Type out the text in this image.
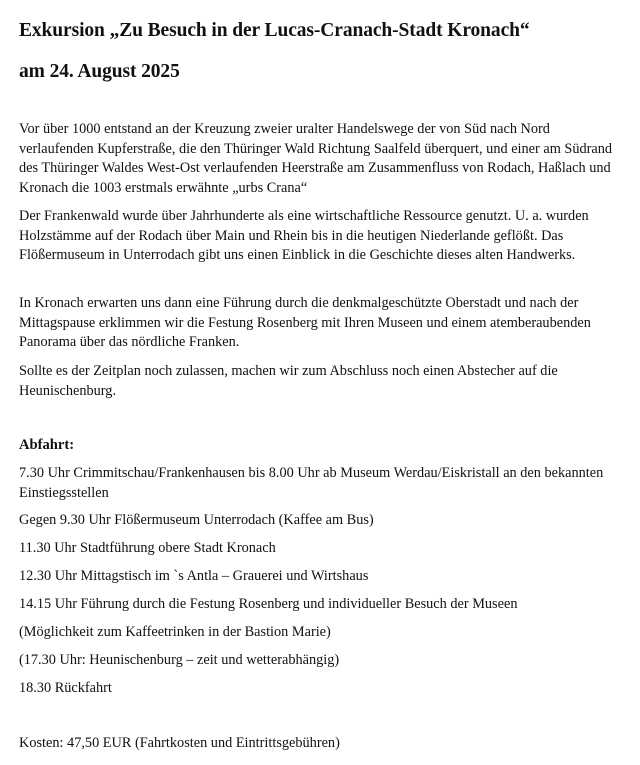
Exkursion „Zu Besuch in der Lucas-Cranach-Stadt Kronach“
am 24. August 2025

Vor über 1000 entstand an der Kreuzung zweier uralter Handelswege der von Süd nach Nord verlaufenden Kupferstraße, die den Thüringer Wald Richtung Saalfeld überquert, und einer am Südrand des Thüringer Waldes West-Ost verlaufenden Heerstraße am Zusammenfluss von Rodach, Haßlach und Kronach die 1003 erstmals erwähnte „urbs Crana“

Der Frankenwald wurde über Jahrhunderte als eine wirtschaftliche Ressource genutzt. U. a. wurden Holzstämme auf der Rodach über Main und Rhein bis in die heutigen Niederlande geflößt. Das Flößermuseum in Unterrodach gibt uns einen Einblick in die Geschichte dieses alten Handwerks.

In Kronach erwarten uns dann eine Führung durch die denkmalgeschützte Oberstadt und nach der Mittagspause erklimmen wir die Festung Rosenberg mit Ihren Museen und einem atemberaubenden Panorama über das nördliche Franken.

Sollte es der Zeitplan noch zulassen, machen wir zum Abschluss noch einen Abstecher auf die Heunischenburg.

Abfahrt:

7.30 Uhr Crimmitschau/Frankenhausen bis 8.00 Uhr ab Museum Werdau/Eiskristall an den bekannten Einstiegsstellen

Gegen 9.30 Uhr Flößermuseum Unterrodach (Kaffee am Bus)

11.30 Uhr Stadtführung obere Stadt Kronach

12.30 Uhr Mittagstisch im `s Antla – Grauerei und Wirtshaus

14.15 Uhr Führung durch die Festung Rosenberg und individueller Besuch der Museen

(Möglichkeit zum Kaffeetrinken in der Bastion Marie)

(17.30 Uhr: Heunischenburg – zeit und wetterabhängig)

18.30 Rückfahrt

Kosten: 47,50 EUR (Fahrtkosten und Eintrittsgebühren)
